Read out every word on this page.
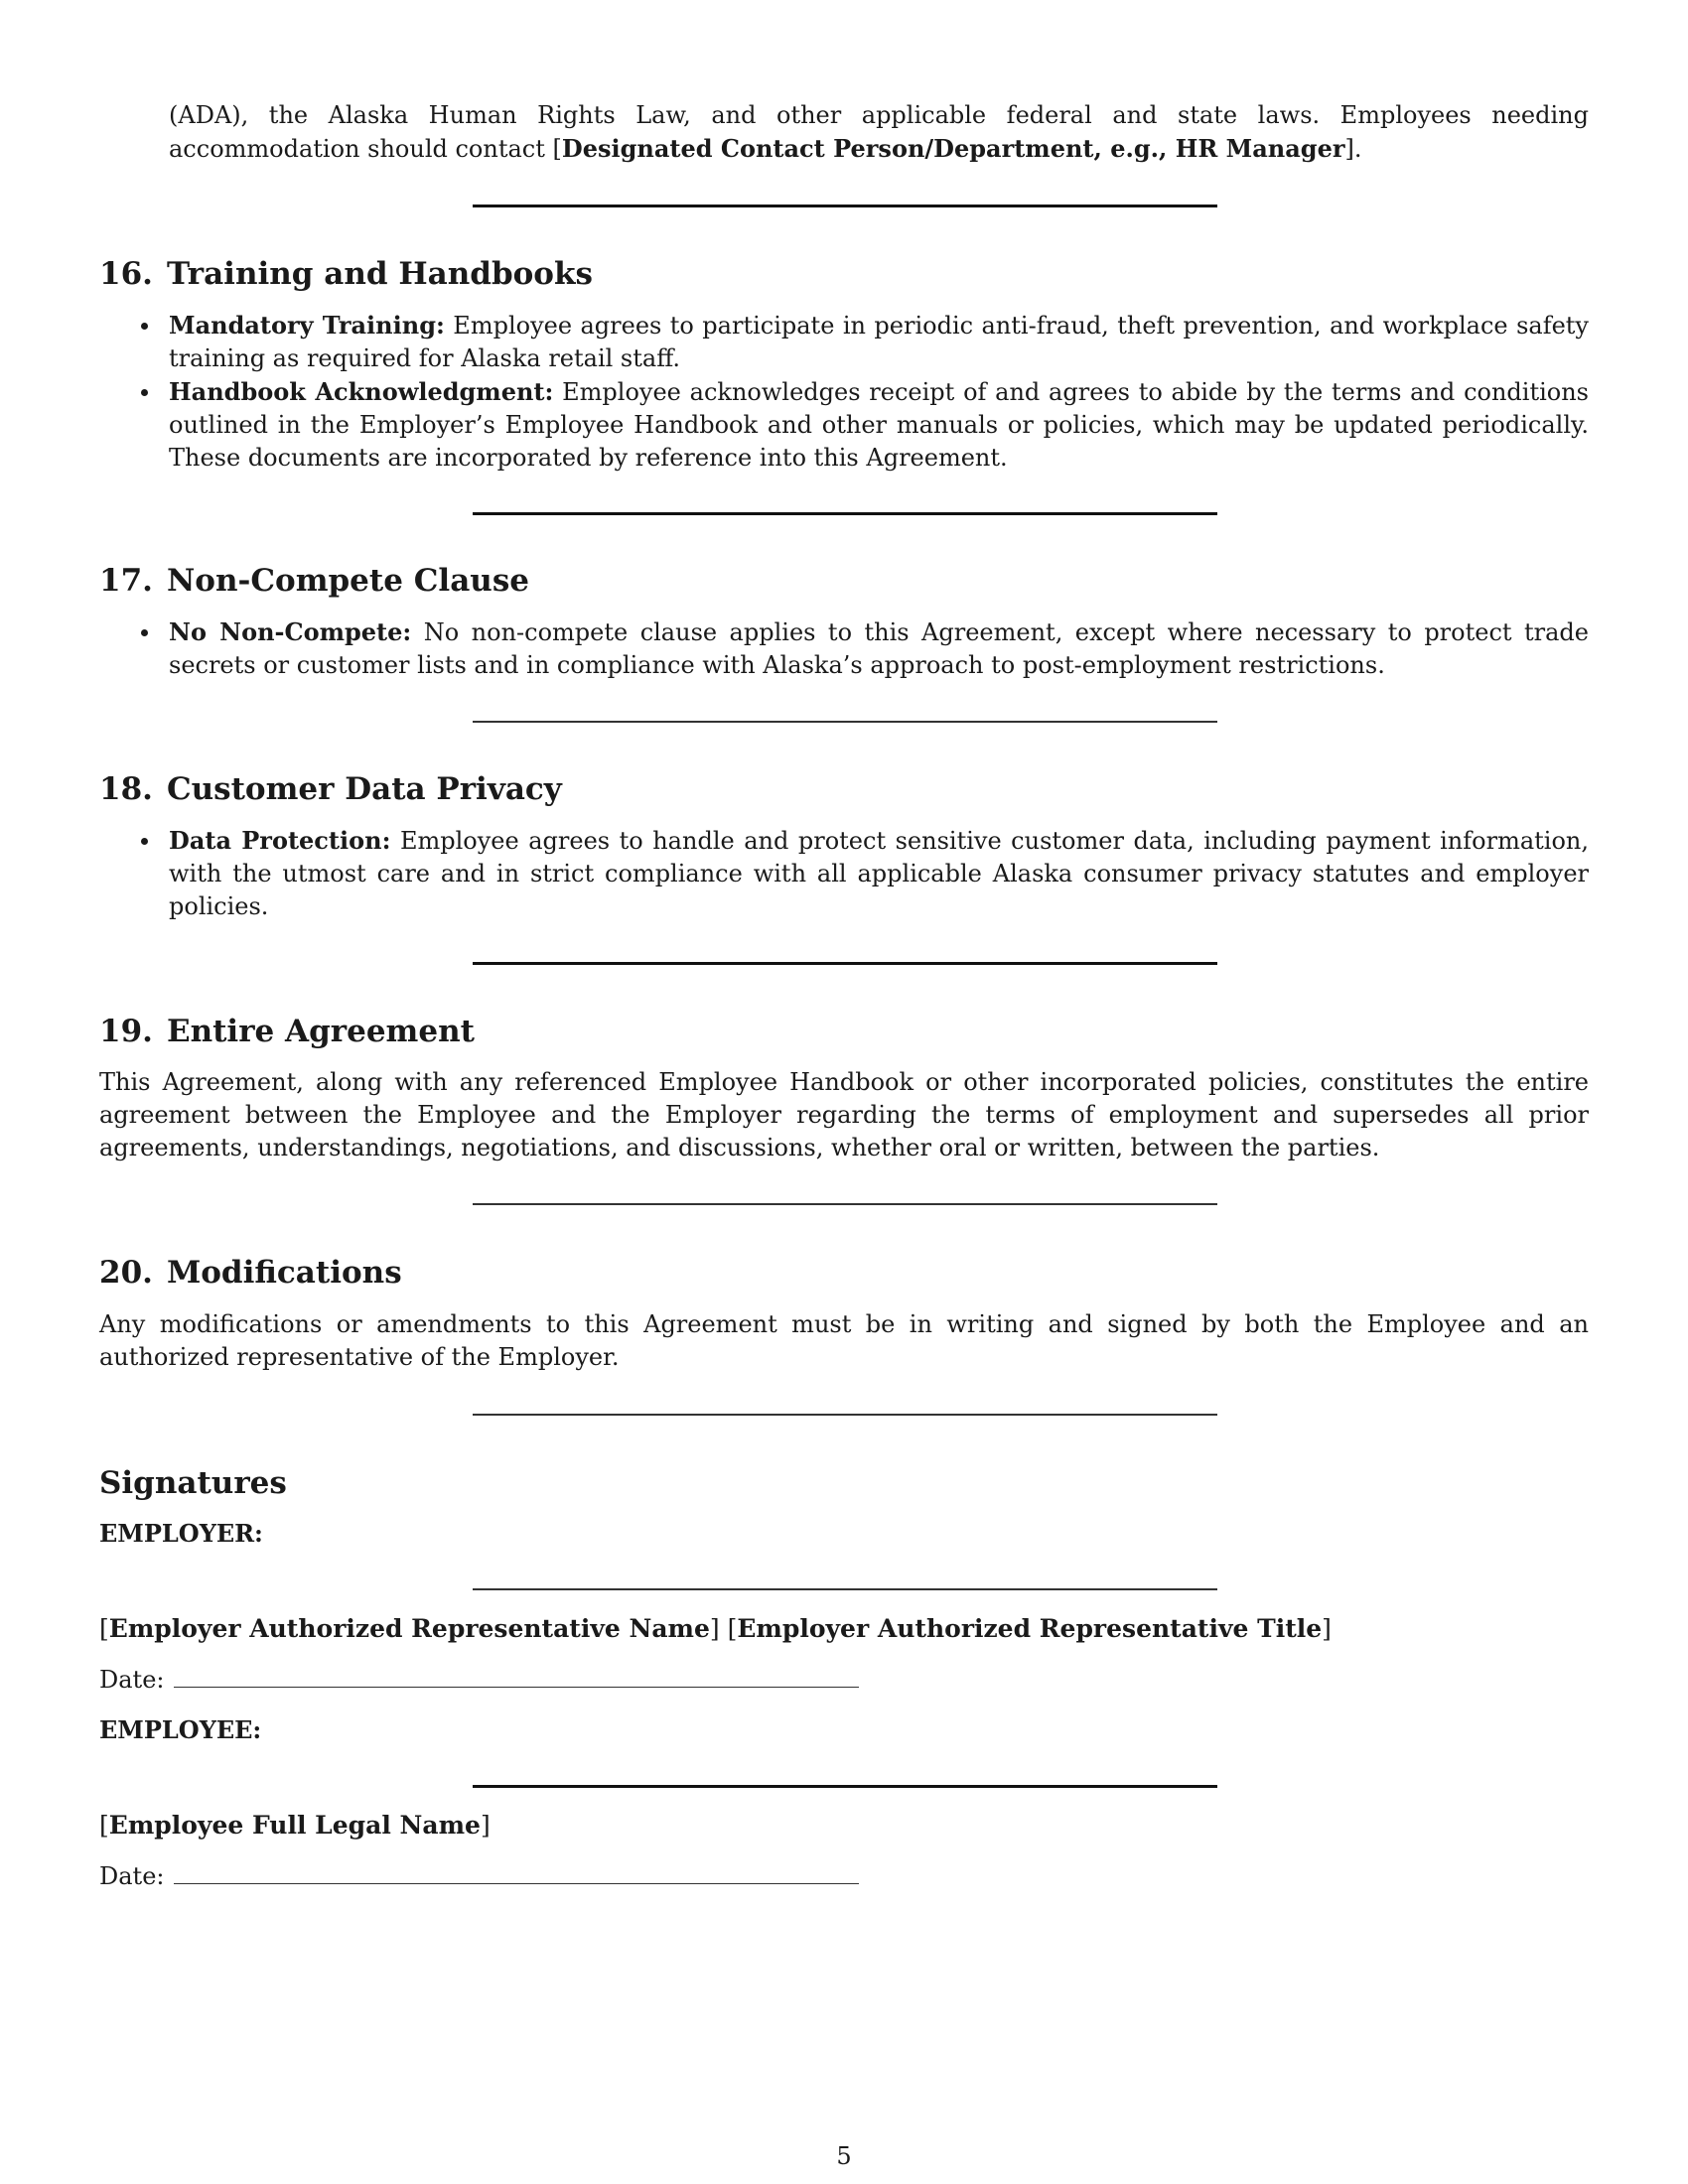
(ADA), the Alaska Human Rights Law, and other applicable federal and state laws. Employees needing accommodation should contact [Designated Contact Person/Department, e.g., HR Manager].
16. Training and Handbooks
Mandatory Training: Employee agrees to participate in periodic anti-fraud, theft prevention, and workplace safety training as required for Alaska retail staff.
Handbook Acknowledgment: Employee acknowledges receipt of and agrees to abide by the terms and conditions outlined in the Employer’s Employee Handbook and other manuals or policies, which may be updated periodically. These documents are incorporated by reference into this Agreement.
17. Non-Compete Clause
No Non-Compete: No non-compete clause applies to this Agreement, except where necessary to protect trade secrets or customer lists and in compliance with Alaska’s approach to post-employment restrictions.
18. Customer Data Privacy
Data Protection: Employee agrees to handle and protect sensitive customer data, including payment information, with the utmost care and in strict compliance with all applicable Alaska consumer privacy statutes and employer policies.
19. Entire Agreement
This Agreement, along with any referenced Employee Handbook or other incorporated policies, constitutes the entire agreement between the Employee and the Employer regarding the terms of employment and supersedes all prior agreements, understandings, negotiations, and discussions, whether oral or written, between the parties.
20. Modifications
Any modifications or amendments to this Agreement must be in writing and signed by both the Employee and an authorized representative of the Employer.
Signatures
EMPLOYER:
[Employer Authorized Representative Name] [Employer Authorized Representative Title]
Date:
EMPLOYEE:
[Employee Full Legal Name]
Date:
5
